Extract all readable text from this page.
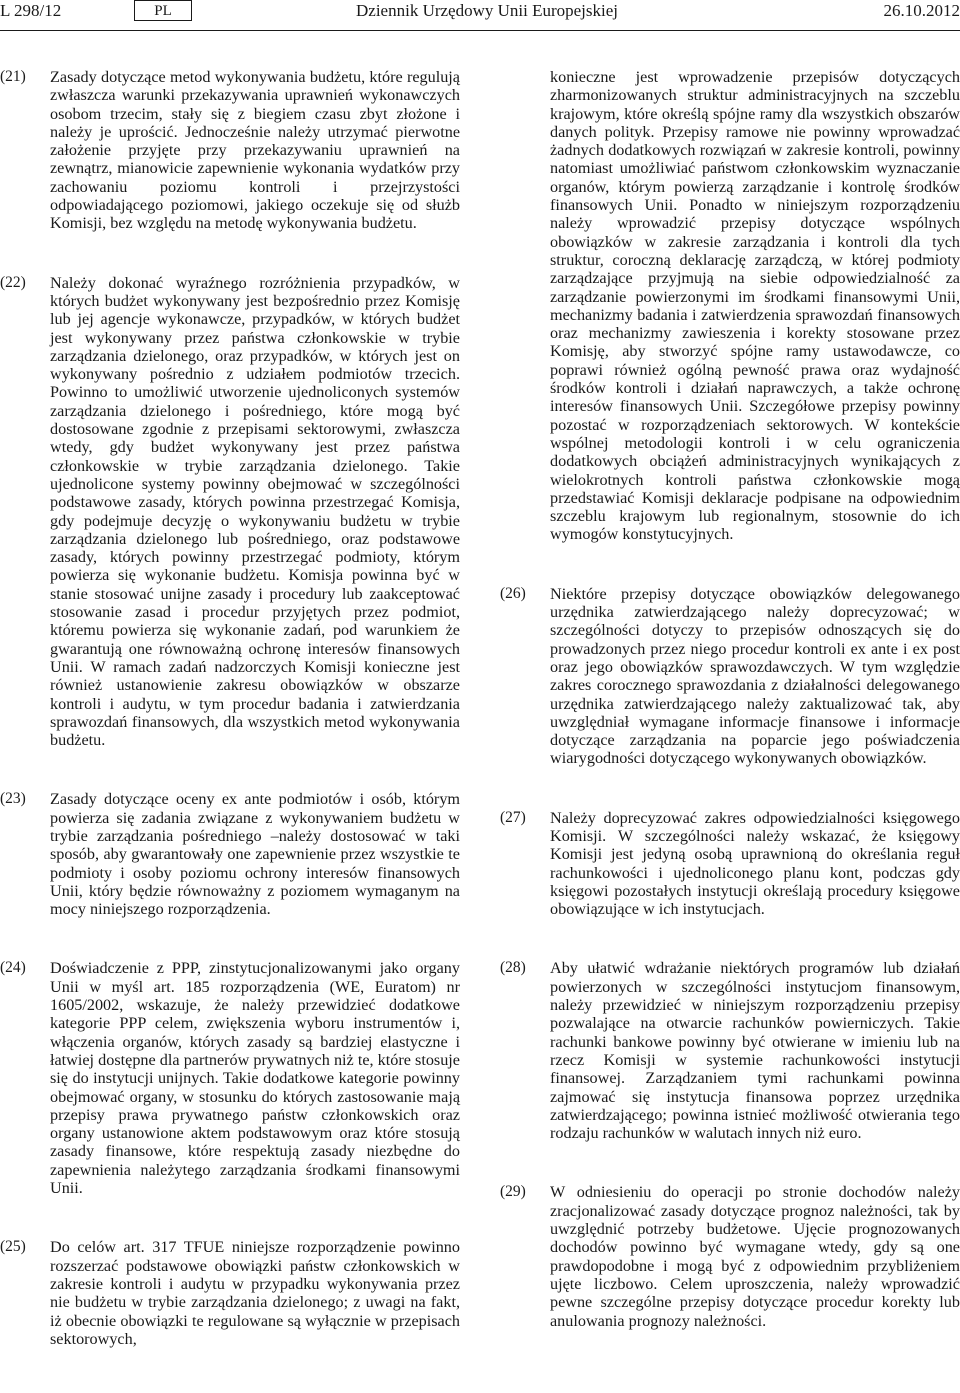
L 298/12	PL	Dziennik Urzędowy Unii Europejskiej	26.10.2012
(21) Zasady dotyczące metod wykonywania budżetu, które regulują zwłaszcza warunki przekazywania uprawnień wykonawczych osobom trzecim, stały się z biegiem czasu zbyt złożone i należy je uprościć. Jednocześnie należy utrzymać pierwotne założenie przyjęte przy przekazywaniu uprawnień na zewnątrz, mianowicie zapewnienie wykonania wydatków przy zachowaniu poziomu kontroli i przejrzystości odpowiadającego poziomowi, jakiego oczekuje się od służb Komisji, bez względu na metodę wykonywania budżetu.
(22) Należy dokonać wyraźnego rozróżnienia przypadków, w których budżet wykonywany jest bezpośrednio przez Komisję lub jej agencje wykonawcze, przypadków, w których budżet jest wykonywany przez państwa członkowskie w trybie zarządzania dzielonego, oraz przypadków, w których jest on wykonywany pośrednio z udziałem podmiotów trzecich. Powinno to umożliwić utworzenie ujednoliconych systemów zarządzania dzielonego i pośredniego, które mogą być dostosowane zgodnie z przepisami sektorowymi, zwłaszcza wtedy, gdy budżet wykonywany jest przez państwa członkowskie w trybie zarządzania dzielonego. Takie ujednolicone systemy powinny obejmować w szczególności podstawowe zasady, których powinna przestrzegać Komisja, gdy podejmuje decyzję o wykonywaniu budżetu w trybie zarządzania dzielonego lub pośredniego, oraz podstawowe zasady, których powinny przestrzegać podmioty, którym powierza się wykonanie budżetu. Komisja powinna być w stanie stosować unijne zasady i procedury lub zaakceptować stosowanie zasad i procedur przyjętych przez podmiot, któremu powierza się wykonanie zadań, pod warunkiem że gwarantują one równoważną ochronę interesów finansowych Unii. W ramach zadań nadzorczych Komisji konieczne jest również ustanowienie zakresu obowiązków w obszarze kontroli i audytu, w tym procedur badania i zatwierdzania sprawozdań finansowych, dla wszystkich metod wykonywania budżetu.
(23) Zasady dotyczące oceny ex ante podmiotów i osób, którym powierza się zadania związane z wykonywaniem budżetu w trybie zarządzania pośredniego –należy dostosować w taki sposób, aby gwarantowały one zapewnienie przez wszystkie te podmioty i osoby poziomu ochrony interesów finansowych Unii, który będzie równoważny z poziomem wymaganym na mocy niniejszego rozporządzenia.
(24) Doświadczenie z PPP, zinstytucjonalizowanymi jako organy Unii w myśl art. 185 rozporządzenia (WE, Euratom) nr 1605/2002, wskazuje, że należy przewidzieć dodatkowe kategorie PPP celem, zwiększenia wyboru instrumentów i, włączenia organów, których zasady są bardziej elastyczne i łatwiej dostępne dla partnerów prywatnych niż te, które stosuje się do instytucji unijnych. Takie dodatkowe kategorie powinny obejmować organy, w stosunku do których zastosowanie mają przepisy prawa prywatnego państw członkowskich oraz organy ustanowione aktem podstawowym oraz które stosują zasady finansowe, które respektują zasady niezbędne do zapewnienia należytego zarządzania środkami finansowymi Unii.
(25) Do celów art. 317 TFUE niniejsze rozporządzenie powinno rozszerzać podstawowe obowiązki państw członkowskich w zakresie kontroli i audytu w przypadku wykonywania przez nie budżetu w trybie zarządzania dzielonego; z uwagi na fakt, iż obecnie obowiązki te regulowane są wyłącznie w przepisach sektorowych,
konieczne jest wprowadzenie przepisów dotyczących zharmonizowanych struktur administracyjnych na szczeblu krajowym, które określą spójne ramy dla wszystkich obszarów danych polityk. Przepisy ramowe nie powinny wprowadzać żadnych dodatkowych rozwiązań w zakresie kontroli, powinny natomiast umożliwiać państwom członkowskim wyznaczanie organów, którym powierzą zarządzanie i kontrolę środków finansowych Unii. Ponadto w niniejszym rozporządzeniu należy wprowadzić przepisy dotyczące wspólnych obowiązków w zakresie zarządzania i kontroli dla tych struktur, coroczną deklarację zarządczą, w której podmioty zarządzające przyjmują na siebie odpowiedzialność za zarządzanie powierzonymi im środkami finansowymi Unii, mechanizmy badania i zatwierdzenia sprawozdań finansowych oraz mechanizmy zawieszenia i korekty stosowane przez Komisję, aby stworzyć spójne ramy ustawodawcze, co poprawi również ogólną pewność prawa oraz wydajność środków kontroli i działań naprawczych, a także ochronę interesów finansowych Unii. Szczegółowe przepisy powinny pozostać w rozporządzeniach sektorowych. W kontekście wspólnej metodologii kontroli i w celu ograniczenia dodatkowych obciążeń administracyjnych wynikających z wielokrotnych kontroli państwa członkowskie mogą przedstawiać Komisji deklaracje podpisane na odpowiednim szczeblu krajowym lub regionalnym, stosownie do ich wymogów konstytucyjnych.
(26) Niektóre przepisy dotyczące obowiązków delegowanego urzędnika zatwierdzającego należy doprecyzować; w szczególności dotyczy to przepisów odnoszących się do prowadzonych przez niego procedur kontroli ex ante i ex post oraz jego obowiązków sprawozdawczych. W tym względzie zakres corocznego sprawozdania z działalności delegowanego urzędnika zatwierdzającego należy zaktualizować tak, aby uwzględniał wymagane informacje finansowe i informacje dotyczące zarządzania na poparcie jego poświadczenia wiarygodności dotyczącego wykonywanych obowiązków.
(27) Należy doprecyzować zakres odpowiedzialności księgowego Komisji. W szczególności należy wskazać, że księgowy Komisji jest jedyną osobą uprawnioną do określania reguł rachunkowości i ujednoliconego planu kont, podczas gdy księgowi pozostałych instytucji określają procedury księgowe obowiązujące w ich instytucjach.
(28) Aby ułatwić wdrażanie niektórych programów lub działań powierzonych w szczególności instytucjom finansowym, należy przewidzieć w niniejszym rozporządzeniu przepisy pozwalające na otwarcie rachunków powierniczych. Takie rachunki bankowe powinny być otwierane w imieniu lub na rzecz Komisji w systemie rachunkowości instytucji finansowej. Zarządzaniem tymi rachunkami powinna zajmować się instytucja finansowa poprzez urzędnika zatwierdzającego; powinna istnieć możliwość otwierania tego rodzaju rachunków w walutach innych niż euro.
(29) W odniesieniu do operacji po stronie dochodów należy zracjonalizować zasady dotyczące prognoz należności, tak by uwzględnić potrzeby budżetowe. Ujęcie prognozowanych dochodów powinno być wymagane wtedy, gdy są one prawdopodobne i mogą być z odpowiednim przybliżeniem ujęte liczbowo. Celem uproszczenia, należy wprowadzić pewne szczególne przepisy dotyczące procedur korekty lub anulowania prognozy należności.
